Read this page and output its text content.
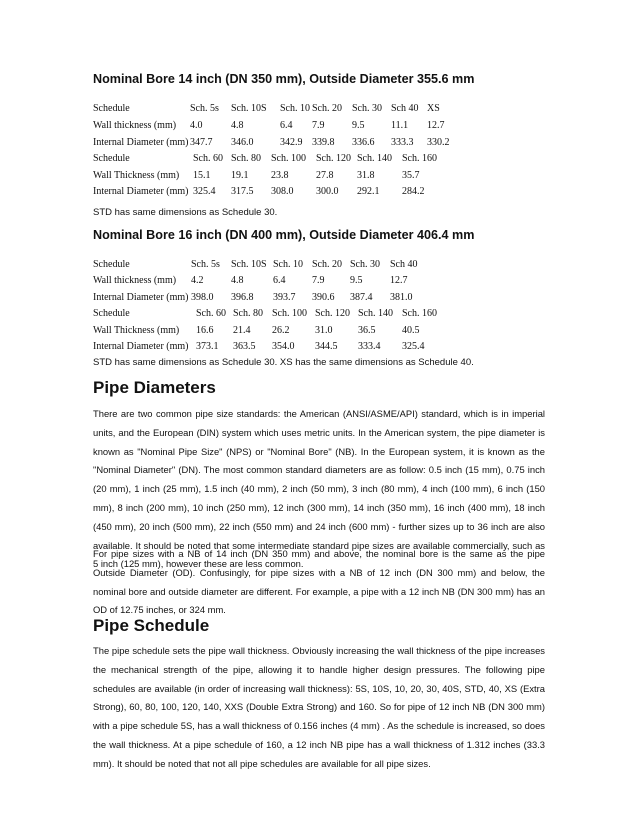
Nominal Bore 14 inch (DN 350 mm), Outside Diameter 355.6 mm
Schedule	Sch. 5s Sch. 10S Sch. 10 Sch. 20 Sch. 30 Sch 40 XS
Wall thickness (mm) 4.0	4.8	6.4 7.9	9.5	11.1 12.7
Internal Diameter (mm) 347.7 346.0	342.9 339.8 336.6 333.3 330.2
Schedule	Sch. 60 Sch. 80 Sch. 100 Sch. 120 Sch. 140 Sch. 160
Wall Thickness (mm) 15.1 19.1 23.8	27.8 31.8	35.7
Internal Diameter (mm) 325.4 317.5 308.0 300.0 292.1 284.2
STD has same dimensions as Schedule 30.
Nominal Bore 16 inch (DN 400 mm), Outside Diameter 406.4 mm
Schedule	Sch. 5s Sch. 10S Sch. 10 Sch. 20 Sch. 30 Sch 40
Wall thickness (mm) 4.2	4.8	6.4	7.9	9.5	12.7
Internal Diameter (mm) 398.0 396.8 393.7 390.6 387.4 381.0
Schedule	Sch. 60 Sch. 80 Sch. 100 Sch. 120 Sch. 140 Sch. 160
Wall Thickness (mm) 16.6 21.4 26.2	31.0	36.5	40.5
Internal Diameter (mm) 373.1 363.5 354.0 344.5 333.4 325.4
STD has same dimensions as Schedule 30. XS has the same dimensions as Schedule 40.
Pipe Diameters
There are two common pipe size standards: the American (ANSI/ASME/API) standard, which is in imperial units, and the European (DIN) system which uses metric units. In the American system, the pipe diameter is known as "Nominal Pipe Size" (NPS) or "Nominal Bore" (NB). In the European system, it is known as the "Nominal Diameter" (DN). The most common standard diameters are as follow: 0.5 inch (15 mm), 0.75 inch (20 mm), 1 inch (25 mm), 1.5 inch (40 mm), 2 inch (50 mm), 3 inch (80 mm), 4 inch (100 mm), 6 inch (150 mm), 8 inch (200 mm), 10 inch (250 mm), 12 inch (300 mm), 14 inch (350 mm), 16 inch (400 mm), 18 inch (450 mm), 20 inch (500 mm), 22 inch (550 mm) and 24 inch (600 mm) - further sizes up to 36 inch are also available. It should be noted that some intermediate standard pipe sizes are available commercially, such as 5 inch (125 mm), however these are less common.
For pipe sizes with a NB of 14 inch (DN 350 mm) and above, the nominal bore is the same as the pipe Outside Diameter (OD). Confusingly, for pipe sizes with a NB of 12 inch (DN 300 mm) and below, the nominal bore and outside diameter are different. For example, a pipe with a 12 inch NB (DN 300 mm) has an OD of 12.75 inches, or 324 mm.
Pipe Schedule
The pipe schedule sets the pipe wall thickness. Obviously increasing the wall thickness of the pipe increases the mechanical strength of the pipe, allowing it to handle higher design pressures. The following pipe schedules are available (in order of increasing wall thickness): 5S, 10S, 10, 20, 30, 40S, STD, 40, XS (Extra Strong), 60, 80, 100, 120, 140, XXS (Double Extra Strong) and 160. So for pipe of 12 inch NB (DN 300 mm) with a pipe schedule 5S, has a wall thickness of 0.156 inches (4 mm) . As the schedule is increased, so does the wall thickness. At a pipe schedule of 160, a 12 inch NB pipe has a wall thickness of 1.312 inches (33.3 mm). It should be noted that not all pipe schedules are available for all pipe sizes.
